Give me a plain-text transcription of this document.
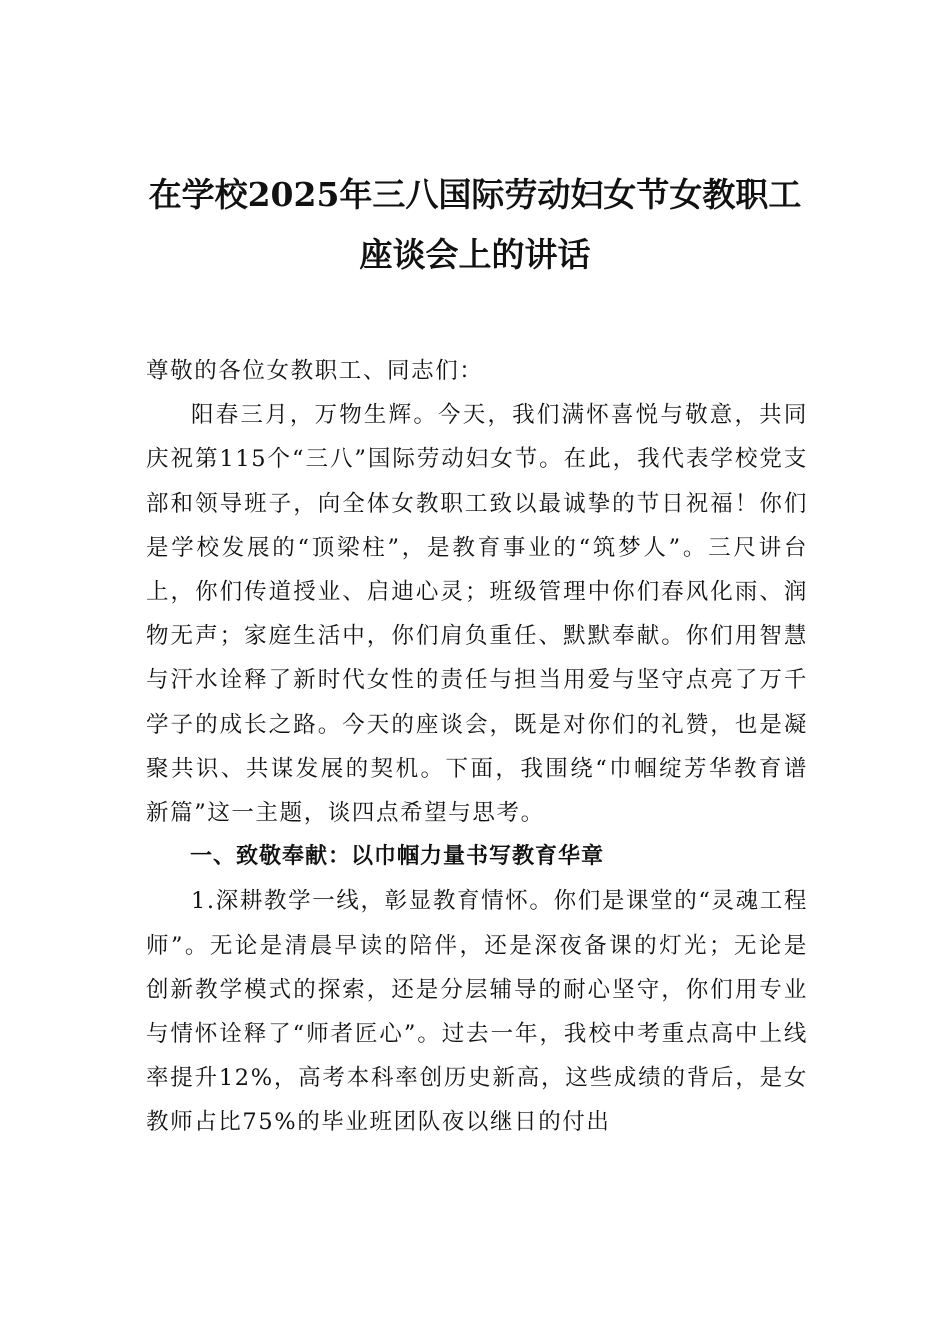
在学校2025年三八国际劳动妇女节女教职工座谈会上的讲话

尊敬的各位女教职工、同志们：

阳春三月，万物生辉。今天，我们满怀喜悦与敬意，共同庆祝第115个“三八”国际劳动妇女节。在此，我代表学校党支部和领导班子，向全体女教职工致以最诚挚的节日祝福！你们是学校发展的“顶梁柱”，是教育事业的“筑梦人”。三尺讲台上，你们传道授业、启迪心灵；班级管理中你们春风化雨、润物无声；家庭生活中，你们肩负重任、默默奉献。你们用智慧与汗水诠释了新时代女性的责任与担当用爱与坚守点亮了万千学子的成长之路。今天的座谈会，既是对你们的礼赞，也是凝聚共识、共谋发展的契机。下面，我围绕“巾帼绽芳华教育谱新篇”这一主题，谈四点希望与思考。

一、致敬奉献：以巾帼力量书写教育华章

1.深耕教学一线，彰显教育情怀。你们是课堂的“灵魂工程师”。无论是清晨早读的陪伴，还是深夜备课的灯光；无论是创新教学模式的探索，还是分层辅导的耐心坚守，你们用专业与情怀诠释了“师者匠心”。过去一年，我校中考重点高中上线率提升12%，高考本科率创历史新高，这些成绩的背后，是女教师占比75%的毕业班团队夜以继日的付出
